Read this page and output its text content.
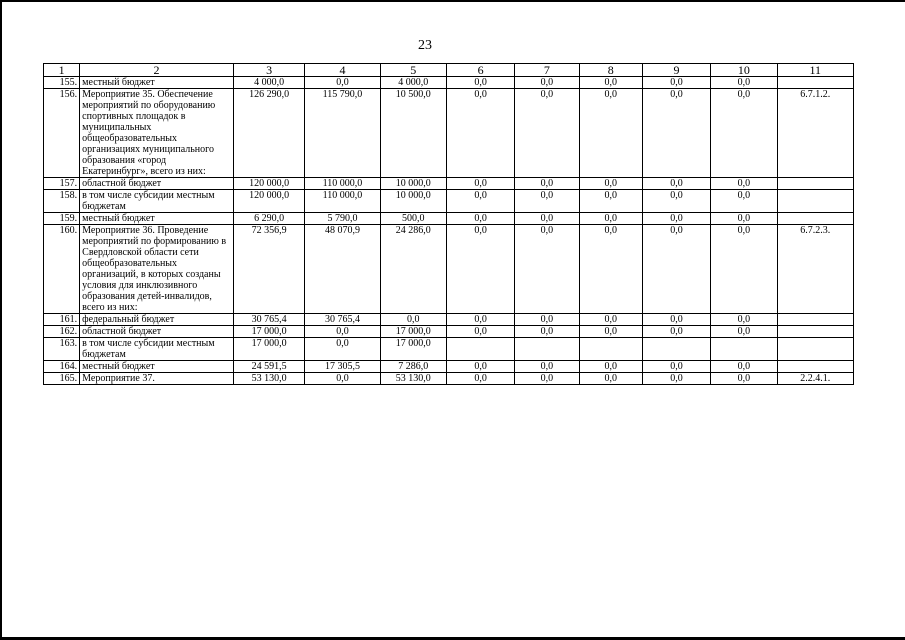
23
1	2	3	4	5	6	7	8	9	10	11
155.	местный бюджет	4 000,0	0,0	4 000,0	0,0	0,0	0,0	0,0	0,0	
156.	Мероприятие 35. Обеспечение мероприятий по оборудованию спортивных площадок в муниципальных общеобразовательных организациях муниципального образования «город Екатеринбург», всего из них:	126 290,0	115 790,0	10 500,0	0,0	0,0	0,0	0,0	0,0	6.7.1.2.
157.	областной бюджет	120 000,0	110 000,0	10 000,0	0,0	0,0	0,0	0,0	0,0	
158.	в том числе субсидии местным бюджетам	120 000,0	110 000,0	10 000,0	0,0	0,0	0,0	0,0	0,0	
159.	местный бюджет	6 290,0	5 790,0	500,0	0,0	0,0	0,0	0,0	0,0	
160.	Мероприятие 36. Проведение мероприятий по формированию в Свердловской области сети общеобразовательных организаций, в которых созданы условия для инклюзивного образования детей-инвалидов, всего из них:	72 356,9	48 070,9	24 286,0	0,0	0,0	0,0	0,0	0,0	6.7.2.3.
161.	федеральный бюджет	30 765,4	30 765,4	0,0	0,0	0,0	0,0	0,0	0,0	
162.	областной бюджет	17 000,0	0,0	17 000,0	0,0	0,0	0,0	0,0	0,0	
163.	в том числе субсидии местным бюджетам	17 000,0	0,0	17 000,0						
164.	местный бюджет	24 591,5	17 305,5	7 286,0	0,0	0,0	0,0	0,0	0,0	
165.	Мероприятие 37.	53 130,0	0,0	53 130,0	0,0	0,0	0,0	0,0	0,0	2.2.4.1.
